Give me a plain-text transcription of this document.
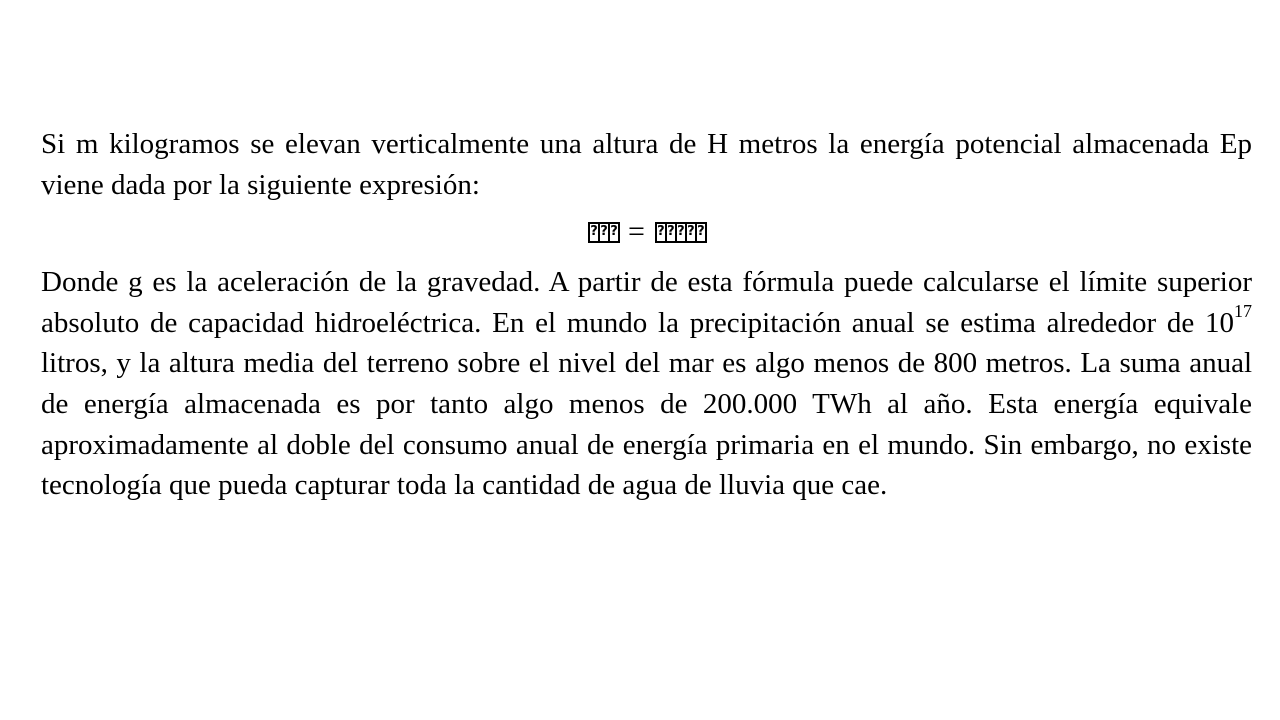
Si m kilogramos se elevan verticalmente una altura de H metros la energía potencial almacenada Ep viene dada por la siguiente expresión:

?
?
?
=
?
?
?
?
?

Donde g es la aceleración de la gravedad. A partir de esta fórmula puede calcularse el límite superior absoluto de capacidad hidroeléctrica. En el mundo la precipitación anual se estima alrededor de $10^{17}$  litros, y la altura media del terreno sobre el nivel del mar es algo menos de 800 metros. La suma anual de energía almacenada es por tanto algo menos de 200.000 TWh al año. Esta energía equivale aproximadamente al doble del consumo anual de energía primaria en el mundo. Sin embargo, no existe tecnología que pueda capturar toda la cantidad de agua de lluvia que cae.
